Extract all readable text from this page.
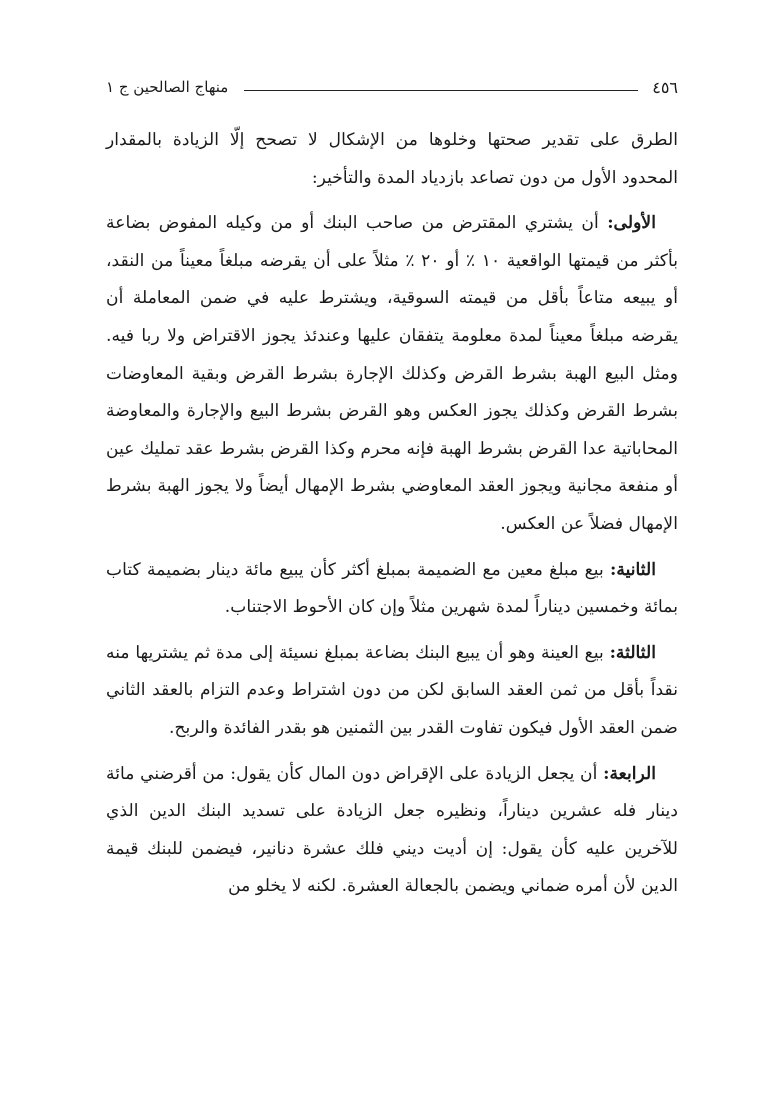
٤٥٦
منهاج الصالحين ج ١

الطرق على تقدير صحتها وخلوها من الإشكال لا تصحح إلّا الزيادة بالمقدار المحدود الأول من دون تصاعد بازدياد المدة والتأخير:

الأولى: أن يشتري المقترض من صاحب البنك أو من وكيله المفوض بضاعة بأكثر من قيمتها الواقعية ١٠ ٪ أو ٢٠ ٪ مثلاً على أن يقرضه مبلغاً معيناً من النقد، أو يبيعه متاعاً بأقل من قيمته السوقية، ويشترط عليه في ضمن المعاملة أن يقرضه مبلغاً معيناً لمدة معلومة يتفقان عليها وعندئذ يجوز الاقتراض ولا ربا فيه. ومثل البيع الهبة بشرط القرض وكذلك الإجارة بشرط القرض وبقية المعاوضات بشرط القرض وكذلك يجوز العكس وهو القرض بشرط البيع والإجارة والمعاوضة المحاباتية عدا القرض بشرط الهبة فإنه محرم وكذا القرض بشرط عقد تمليك عين أو منفعة مجانية ويجوز العقد المعاوضي بشرط الإمهال أيضاً ولا يجوز الهبة بشرط الإمهال فضلاً عن العكس.

الثانية: بيع مبلغ معين مع الضميمة بمبلغ أكثر كأن يبيع مائة دينار بضميمة كتاب بمائة وخمسين ديناراً لمدة شهرين مثلاً وإن كان الأحوط الاجتناب.

الثالثة: بيع العينة وهو أن يبيع البنك بضاعة بمبلغ نسيئة إلى مدة ثم يشتريها منه نقداً بأقل من ثمن العقد السابق لكن من دون اشتراط وعدم التزام بالعقد الثاني ضمن العقد الأول فيكون تفاوت القدر بين الثمنين هو بقدر الفائدة والربح.

الرابعة: أن يجعل الزيادة على الإقراض دون المال كأن يقول: من أقرضني مائة دينار فله عشرين ديناراً، ونظيره جعل الزيادة على تسديد البنك الدين الذي للآخرين عليه كأن يقول: إن أديت ديني فلك عشرة دنانير، فيضمن للبنك قيمة الدين لأن أمره ضماني ويضمن بالجعالة العشرة. لكنه لا يخلو من
